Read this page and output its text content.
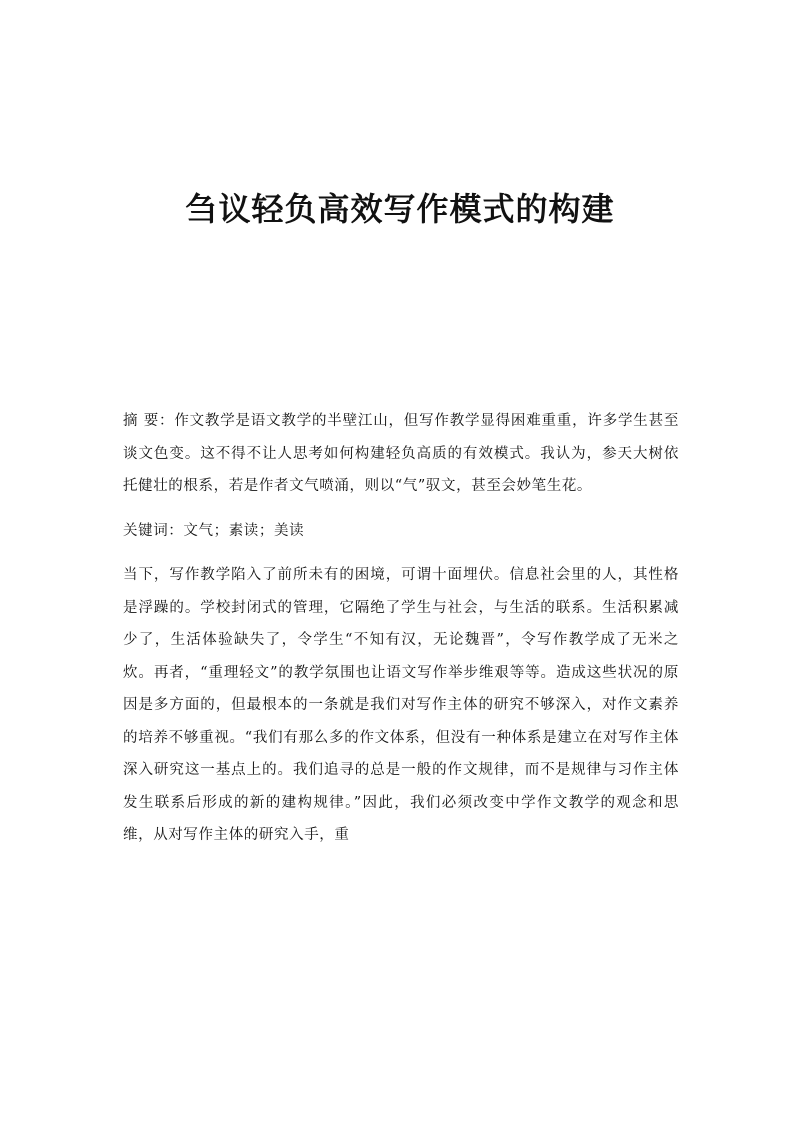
刍议轻负高效写作模式的构建

摘 要：作文教学是语文教学的半壁江山，但写作教学显得困难重重，许多学生甚至谈文色变。这不得不让人思考如何构建轻负高质的有效模式。我认为，参天大树依托健壮的根系，若是作者文气喷涌，则以“气”驭文，甚至会妙笔生花。

关键词：文气；素读；美读

当下，写作教学陷入了前所未有的困境，可谓十面埋伏。信息社会里的人，其性格是浮躁的。学校封闭式的管理，它隔绝了学生与社会，与生活的联系。生活积累减少了，生活体验缺失了，令学生“不知有汉，无论魏晋”，令写作教学成了无米之炊。再者，“重理轻文”的教学氛围也让语文写作举步维艰等等。造成这些状况的原因是多方面的，但最根本的一条就是我们对写作主体的研究不够深入，对作文素养的培养不够重视。“我们有那么多的作文体系，但没有一种体系是建立在对写作主体深入研究这一基点上的。我们追寻的总是一般的作文规律，而不是规律与习作主体发生联系后形成的新的建构规律。”因此，我们必须改变中学作文教学的观念和思维，从对写作主体的研究入手，重
